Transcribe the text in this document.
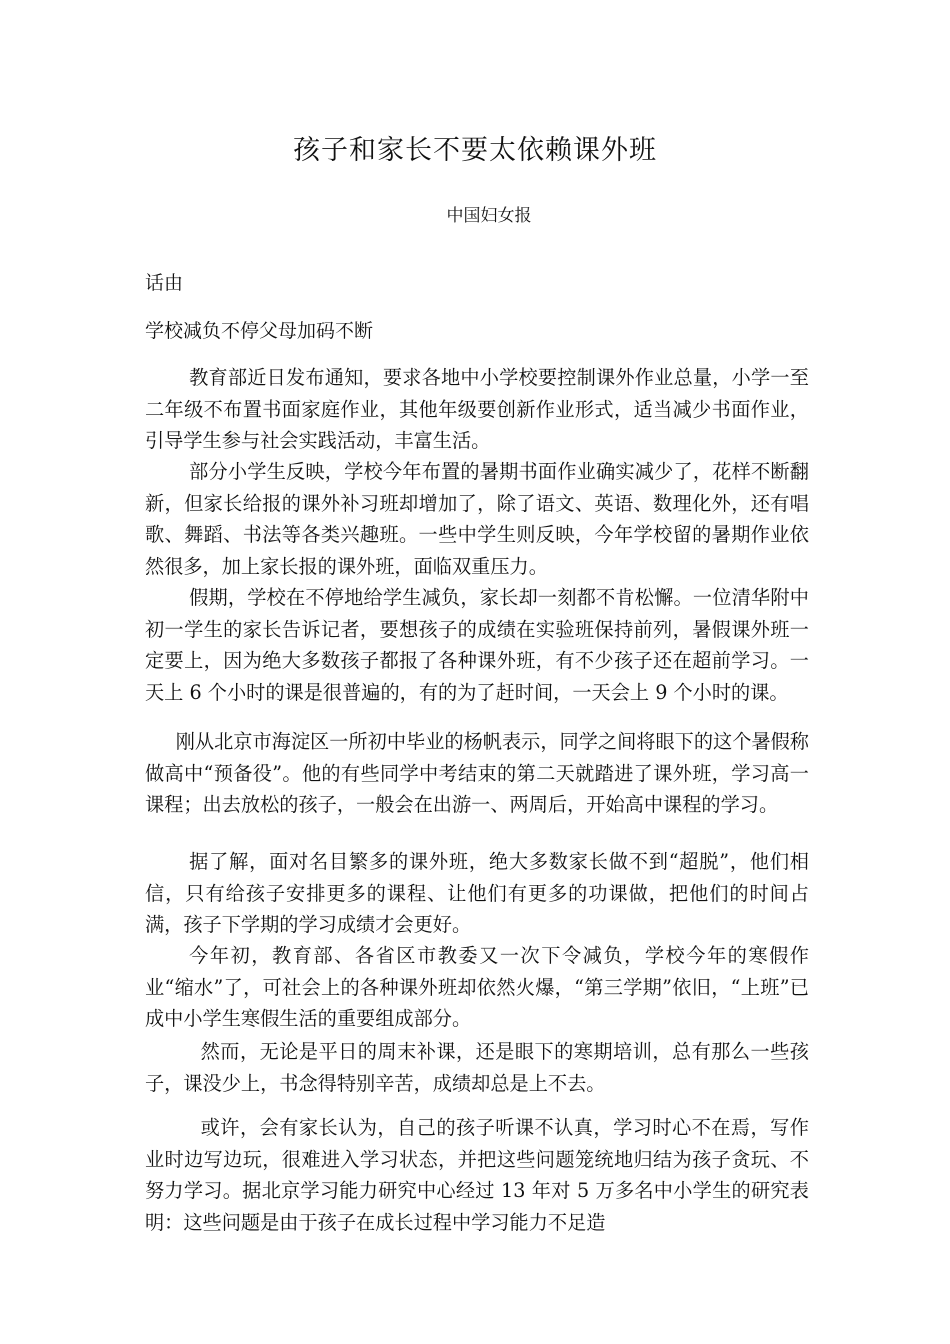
孩子和家长不要太依赖课外班
中国妇女报
话由
学校减负不停父母加码不断

教育部近日发布通知，要求各地中小学校要控制课外作业总量，小学一至二年级不布置书面家庭作业，其他年级要创新作业形式，适当减少书面作业，引导学生参与社会实践活动，丰富生活。

部分小学生反映，学校今年布置的暑期书面作业确实减少了，花样不断翻新，但家长给报的课外补习班却增加了，除了语文、英语、数理化外，还有唱歌、舞蹈、书法等各类兴趣班。一些中学生则反映，今年学校留的暑期作业依然很多，加上家长报的课外班，面临双重压力。

假期，学校在不停地给学生减负，家长却一刻都不肯松懈。一位清华附中初一学生的家长告诉记者，要想孩子的成绩在实验班保持前列，暑假课外班一定要上，因为绝大多数孩子都报了各种课外班，有不少孩子还在超前学习。一天上 6 个小时的课是很普遍的，有的为了赶时间，一天会上 9 个小时的课。

刚从北京市海淀区一所初中毕业的杨帆表示，同学之间将眼下的这个暑假称做高中“预备役”。他的有些同学中考结束的第二天就踏进了课外班，学习高一课程；出去放松的孩子，一般会在出游一、两周后，开始高中课程的学习。

据了解，面对名目繁多的课外班，绝大多数家长做不到“超脱”，他们相信，只有给孩子安排更多的课程、让他们有更多的功课做，把他们的时间占满，孩子下学期的学习成绩才会更好。

今年初，教育部、各省区市教委又一次下令减负，学校今年的寒假作业“缩水”了，可社会上的各种课外班却依然火爆，“第三学期”依旧，“上班”已成中小学生寒假生活的重要组成部分。

然而，无论是平日的周末补课，还是眼下的寒期培训，总有那么一些孩子，课没少上，书念得特别辛苦，成绩却总是上不去。

或许，会有家长认为，自己的孩子听课不认真，学习时心不在焉，写作业时边写边玩，很难进入学习状态，并把这些问题笼统地归结为孩子贪玩、不努力学习。据北京学习能力研究中心经过 13 年对 5 万多名中小学生的研究表明：这些问题是由于孩子在成长过程中学习能力不足造
